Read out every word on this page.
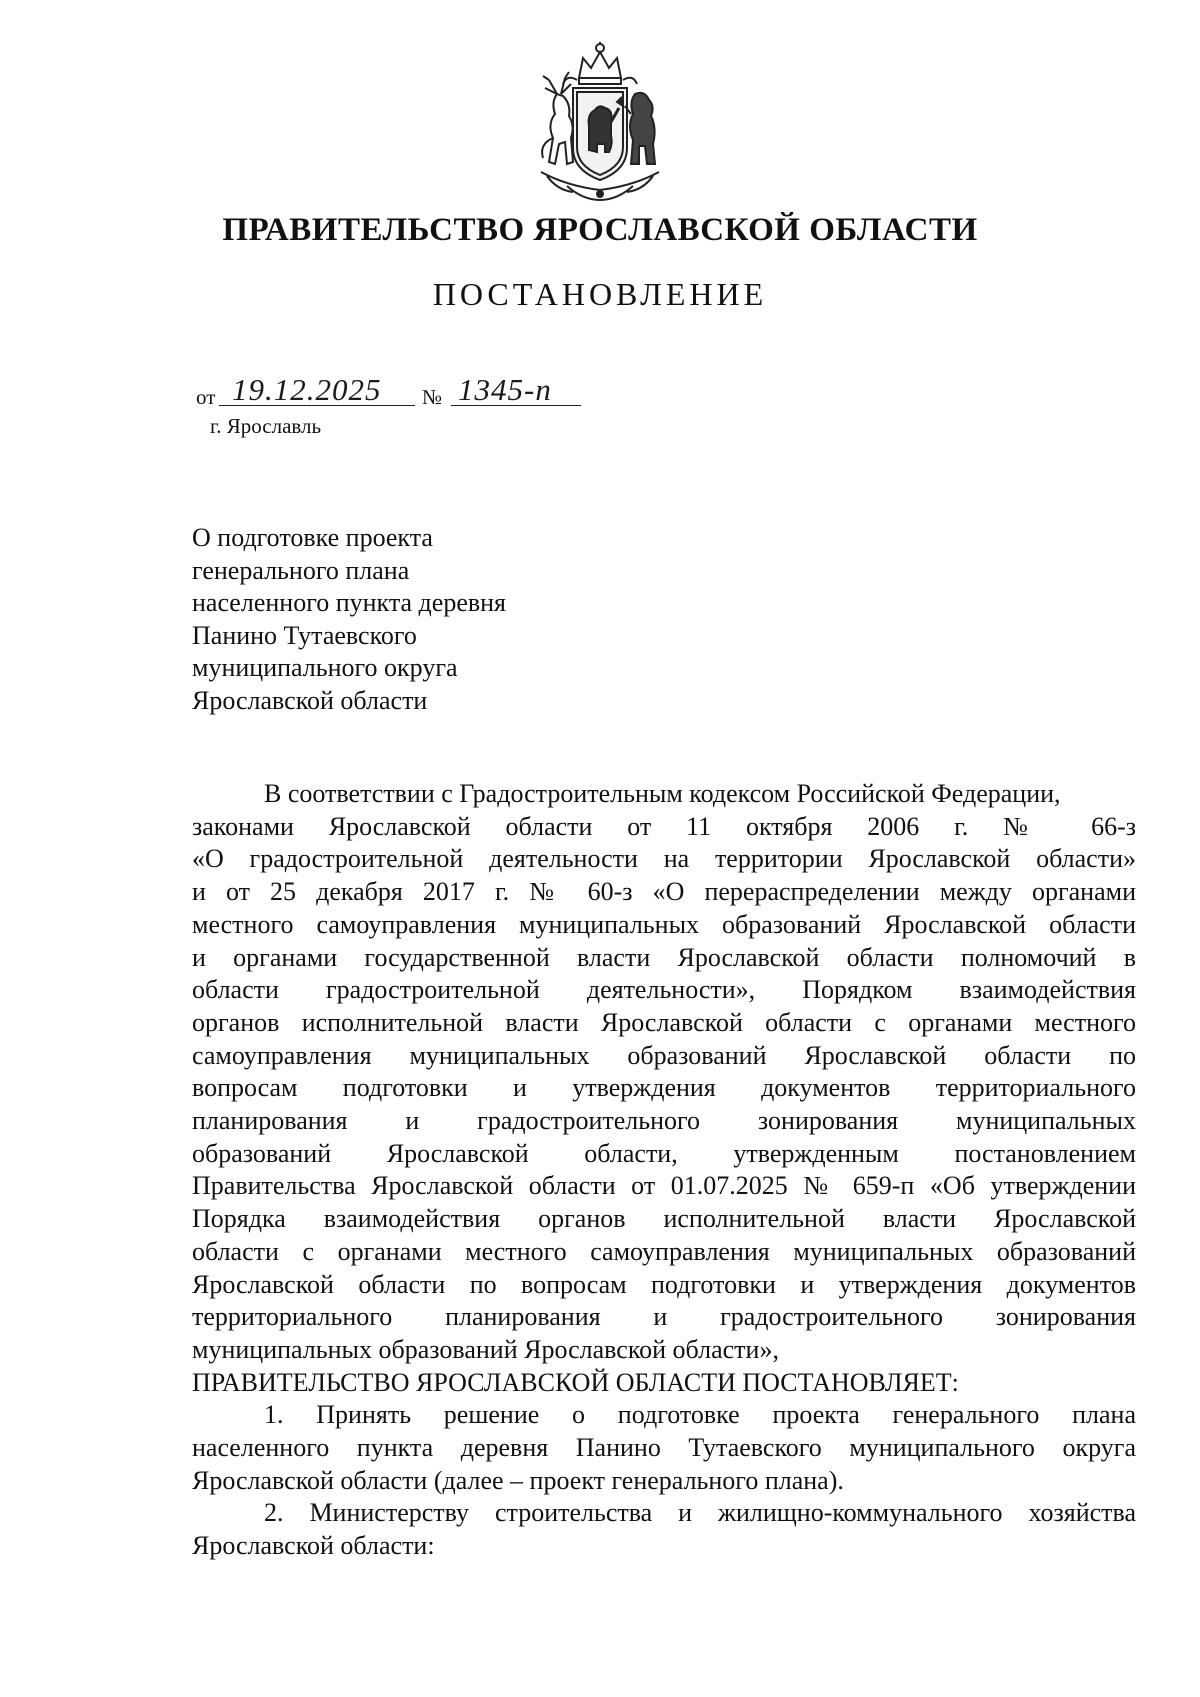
ПРАВИТЕЛЬСТВО ЯРОСЛАВСКОЙ ОБЛАСТИ
ПОСТАНОВЛЕНИЕ
от 19.12.2025 № 1345-п
г. Ярославль
О подготовке проекта
генерального плана
населенного пункта деревня
Панино Тутаевского
муниципального округа
Ярославской области
В соответствии с Градостроительным кодексом Российской Федерации,
законами Ярославской области от 11 октября 2006 г. № 66-з
«О градостроительной деятельности на территории Ярославской области»
и от 25 декабря 2017 г. № 60-з «О перераспределении между органами
местного самоуправления муниципальных образований Ярославской области
и органами государственной власти Ярославской области полномочий в
области градостроительной деятельности», Порядком взаимодействия
органов исполнительной власти Ярославской области с органами местного
самоуправления муниципальных образований Ярославской области по
вопросам подготовки и утверждения документов территориального
планирования и градостроительного зонирования муниципальных
образований Ярославской области, утвержденным постановлением
Правительства Ярославской области от 01.07.2025 № 659-п «Об утверждении
Порядка взаимодействия органов исполнительной власти Ярославской
области с органами местного самоуправления муниципальных образований
Ярославской области по вопросам подготовки и утверждения документов
территориального планирования и градостроительного зонирования
муниципальных образований Ярославской области»,
ПРАВИТЕЛЬСТВО ЯРОСЛАВСКОЙ ОБЛАСТИ ПОСТАНОВЛЯЕТ:
1. Принять решение о подготовке проекта генерального плана
населенного пункта деревня Панино Тутаевского муниципального округа
Ярославской области (далее – проект генерального плана).
2. Министерству строительства и жилищно-коммунального хозяйства
Ярославской области:
